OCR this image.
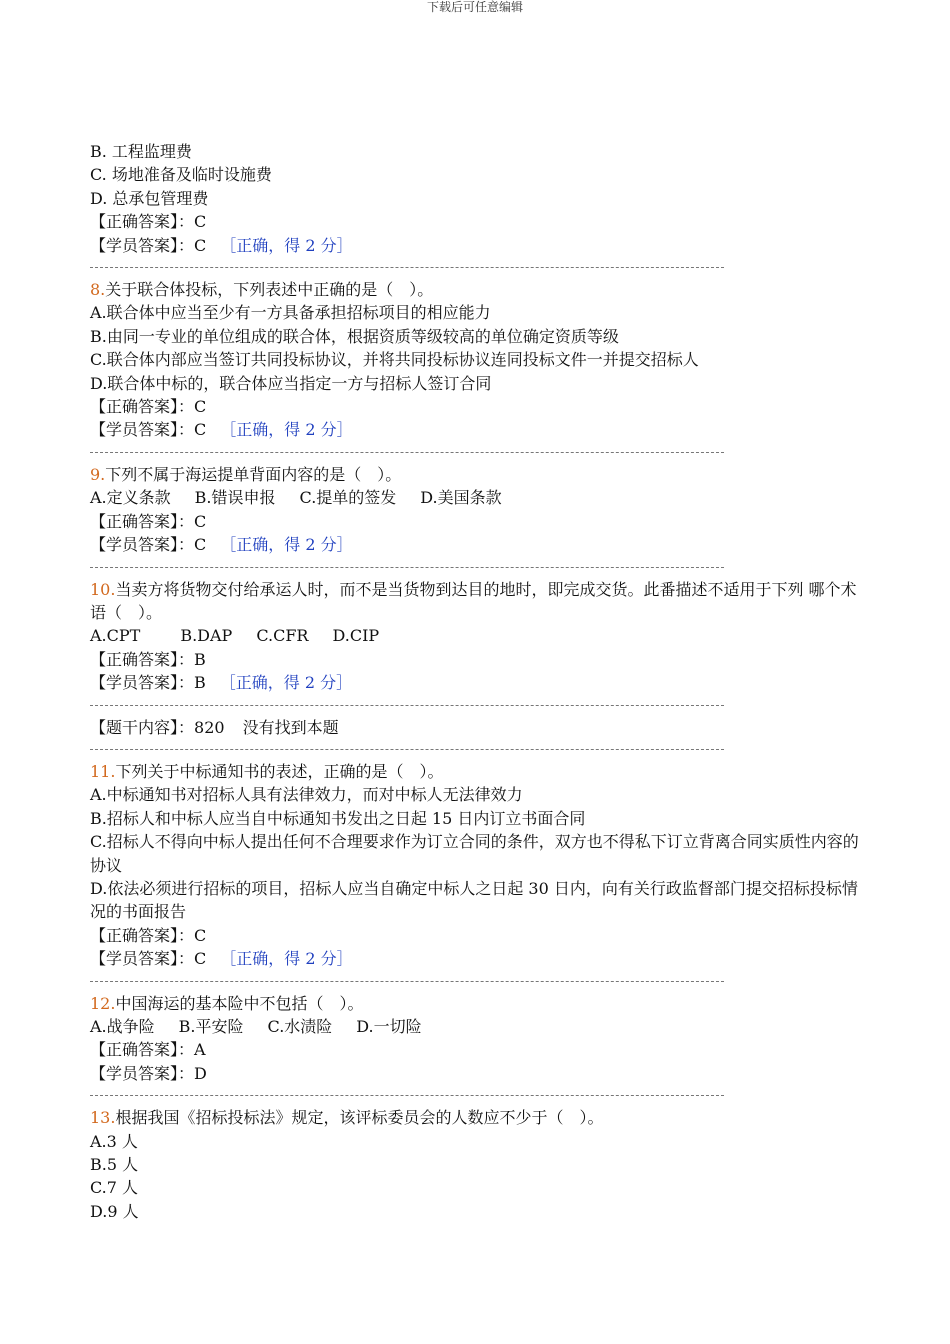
下载后可任意编辑
B. 工程监理费
C. 场地准备及临时设施费
D. 总承包管理费
【正确答案】：C
【学员答案】：C ［正确，得 2 分］
8.关于联合体投标，下列表述中正确的是（　）。
A.联合体中应当至少有一方具备承担招标项目的相应能力
B.由同一专业的单位组成的联合体，根据资质等级较高的单位确定资质等级
C.联合体内部应当签订共同投标协议，并将共同投标协议连同投标文件一并提交招标人
D.联合体中标的，联合体应当指定一方与招标人签订合同
【正确答案】：C
【学员答案】：C ［正确，得 2 分］
9.下列不属于海运提单背面内容的是（　）。
A.定义条款 B.错误申报 C.提单的签发 D.美国条款
【正确答案】：C
【学员答案】：C ［正确，得 2 分］
10.当卖方将货物交付给承运人时，而不是当货物到达目的地时，即完成交货。此番描述不适用于下列 哪个术语（　）。
A.CPT	B.DAP C.CFR D.CIP
【正确答案】：B
【学员答案】：B ［正确，得 2 分］
【题干内容】：820 没有找到本题
11.下列关于中标通知书的表述，正确的是（　）。
A.中标通知书对招标人具有法律效力，而对中标人无法律效力
B.招标人和中标人应当自中标通知书发出之日起 15 日内订立书面合同
C.招标人不得向中标人提出任何不合理要求作为订立合同的条件，双方也不得私下订立背离合同实质性内容的协议
D.依法必须进行招标的项目，招标人应当自确定中标人之日起 30 日内，向有关行政监督部门提交招标投标情况的书面报告
【正确答案】：C
【学员答案】：C ［正确，得 2 分］
12.中国海运的基本险中不包括（　）。
A.战争险 B.平安险 C.水渍险 D.一切险
【正确答案】：A
【学员答案】：D
13.根据我国《招标投标法》规定，该评标委员会的人数应不少于（　）。
A.3 人
B.5 人
C.7 人
D.9 人
